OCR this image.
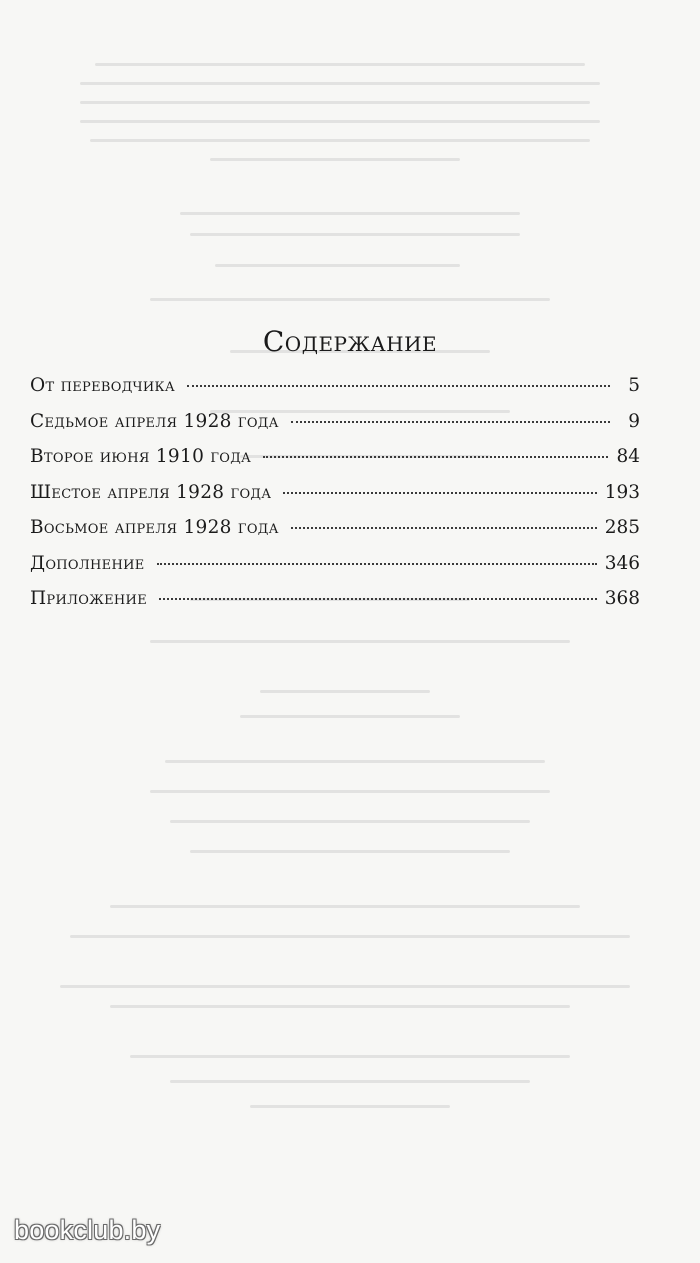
Содержание
От переводчика	5
Седьмое апреля 1928 года	9
Второе июня 1910 года	84
Шестое апреля 1928 года	193
Восьмое апреля 1928 года	285
Дополнение	346
Приложение	368
bookclub.by
